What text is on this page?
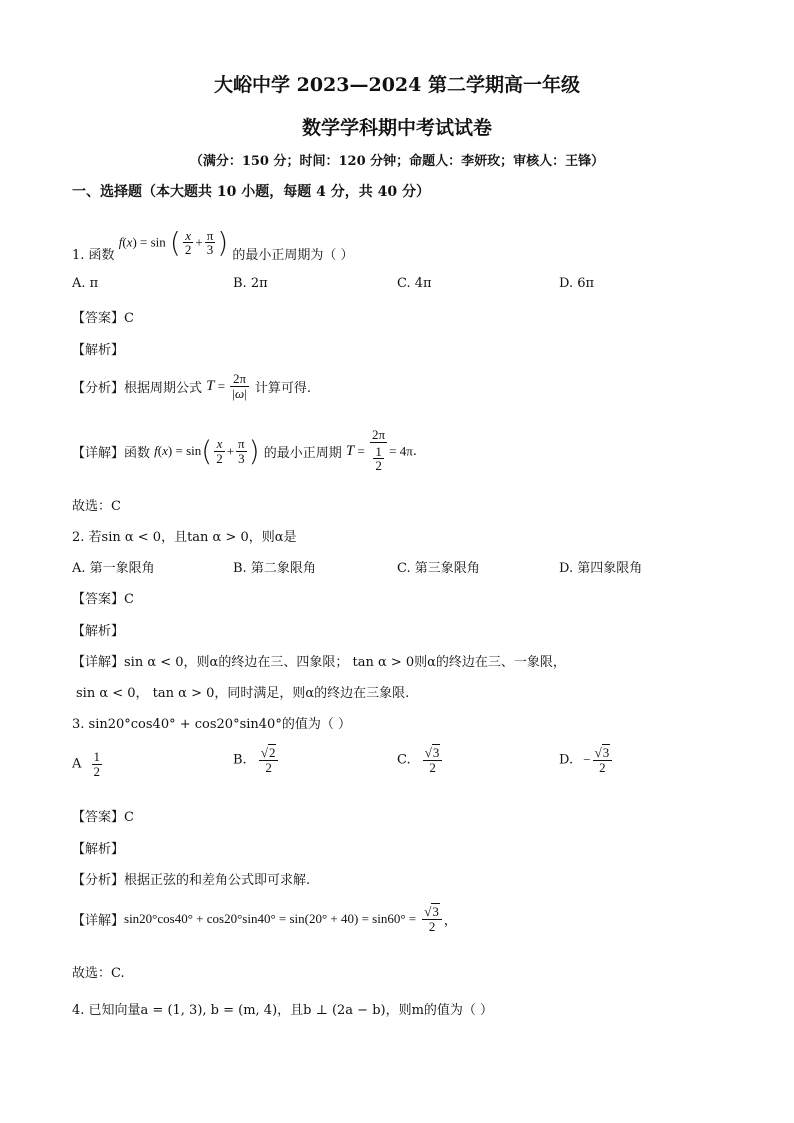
大峪中学 2023—2024 第二学期高一年级
数学学科期中考试试卷
（满分：150 分；时间：120 分钟；命题人：李妍玫；审核人：王锋）
一、选择题（本大题共 10 小题，每题 4 分，共 40 分）
1. 函数 f(x) = sin ( $\frac{x}{2} + \frac{\pi}{3}$ ) 的最小正周期为（ ）
A. π	B. 2π	C. 4π	D. 6π
【答案】C
【解析】
【分析】根据周期公式 $T = \frac{2\pi}{|\omega|}$ 计算可得.
【详解】函数 $f(x) = \sin( \frac{x}{2} + \frac{\pi}{3}$ ) 的最小正周期 $T = \frac{2\pi}{\frac{1}{2}} = 4\pi$.
故选：C
2. 若sin α < 0，且tan α > 0，则α是
A. 第一象限角	B. 第二象限角	C. 第三象限角	D. 第四象限角
【答案】C
【解析】
【详解】sin α < 0，则α的终边在三、四象限； tan α > 0则α的终边在三、一象限，
sin α < 0， tan α > 0，同时满足，则α的终边在三象限.
3. sin20°cos40° + cos20°sin40°的值为（ ）
A $\frac{1}{2}$	B. $\frac{√2}{2}$	C. $\frac{√3}{2}$	D. − $\frac{√3}{2}$
【答案】C
【解析】
【分析】根据正弦的和差角公式即可求解.
【详解】$\sin 20^\circ\cos 40^\circ + \cos 20^\circ\sin 40^\circ = \sin(20^\circ + 40) = \sin 60^\circ = \frac{√3}{2}$ ，
故选：C.
4. 已知向量a = (1, 3), b = (m, 4)，且b ⊥ (2a − b)，则m的值为（ ）
